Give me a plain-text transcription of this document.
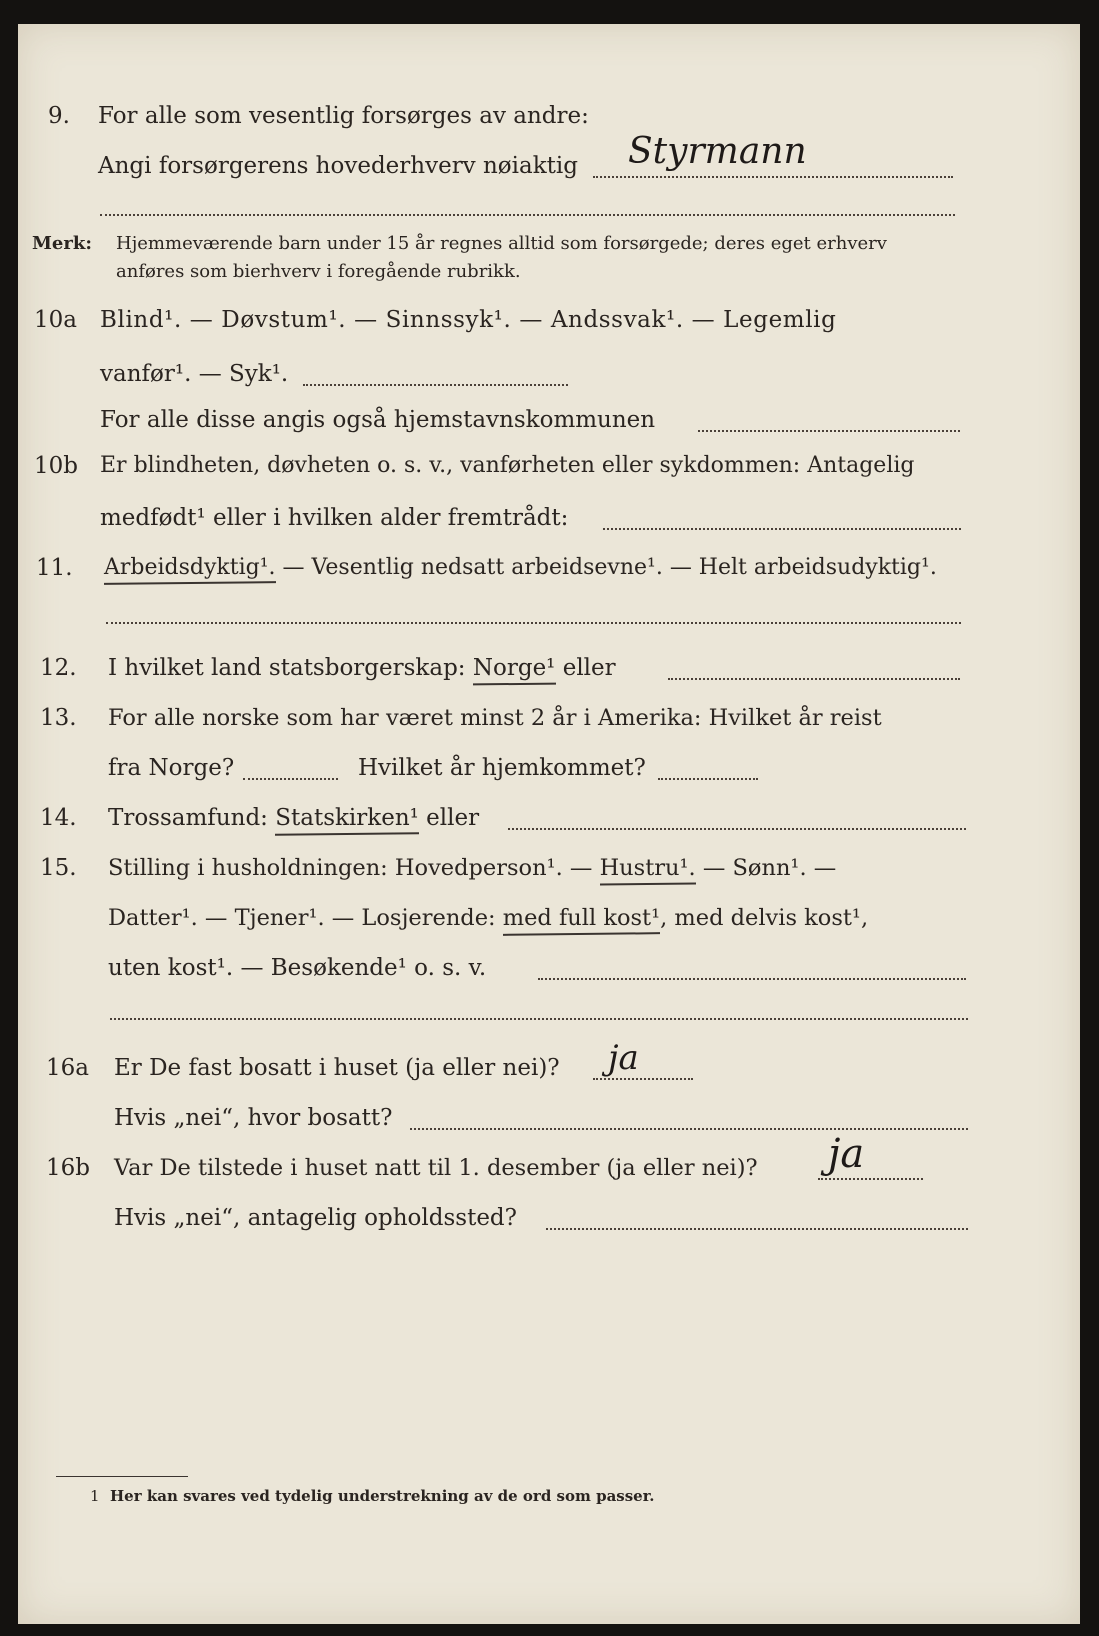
9.	For alle som vesentlig forsørges av andre:
Angi forsørgerens hovederhverv nøiaktig Styrmann
Merk: Hjemmeværende barn under 15 år regnes alltid som forsørgede; deres eget erhverv
anføres som bierhverv i foregående rubrikk.
10a	Blind¹. — Døvstum¹. — Sinnssyk¹. — Andssvak¹. — Legemlig
vanfør¹. — Syk¹.
For alle disse angis også hjemstavnskommunen
10b	Er blindheten, døvheten o. s. v., vanførheten eller sykdommen: Antagelig
medfødt¹ eller i hvilken alder fremtrådt:
11.	Arbeidsdyktig¹. — Vesentlig nedsatt arbeidsevne¹. — Helt arbeidsudyktig¹.
12.	I hvilket land statsborgerskap: Norge¹ eller
13.	For alle norske som har været minst 2 år i Amerika: Hvilket år reist
fra Norge?	Hvilket år hjemkommet?
14.	Trossamfund: Statskirken¹ eller
15.	Stilling i husholdningen: Hovedperson¹. — Hustru¹. — Sønn¹. —
Datter¹. — Tjener¹. — Losjerende: med full kost¹, med delvis kost¹,
uten kost¹. — Besøkende¹ o. s. v.
16a	Er De fast bosatt i huset (ja eller nei)? ja
Hvis „nei“, hvor bosatt?
16b	Var De tilstede i huset natt til 1. desember (ja eller nei)? ja
Hvis „nei“, antagelig opholdssted?
1 Her kan svares ved tydelig understrekning av de ord som passer.
